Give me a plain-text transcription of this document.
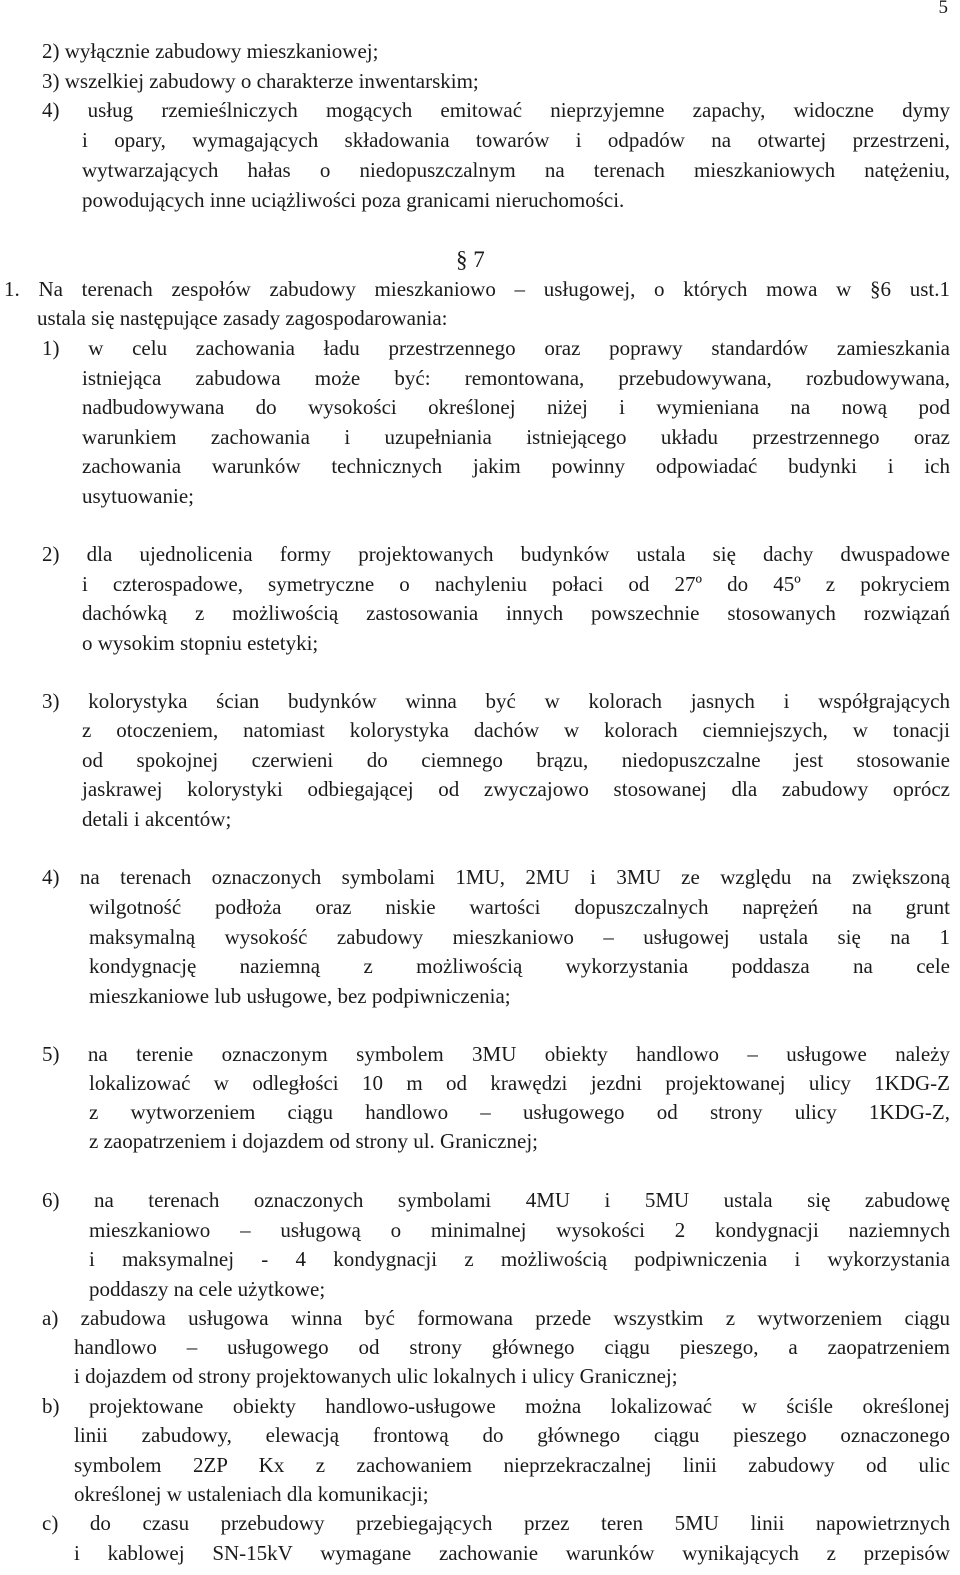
5
2) wyłącznie zabudowy mieszkaniowej;
3) wszelkiej zabudowy o charakterze inwentarskim;
4) usług rzemieślniczych mogących emitować nieprzyjemne zapachy, widoczne dymy
i opary, wymagających składowania towarów i odpadów na otwartej przestrzeni,
wytwarzających hałas o niedopuszczalnym na terenach mieszkaniowych natężeniu,
powodujących inne uciążliwości poza granicami nieruchomości.
1. Na terenach zespołów zabudowy mieszkaniowo – usługowej, o których mowa w §6 ust.1
ustala się następujące zasady zagospodarowania:
1) w celu zachowania ładu przestrzennego oraz poprawy standardów zamieszkania
istniejąca zabudowa może być: remontowana, przebudowywana, rozbudowywana,
nadbudowywana do wysokości określonej niżej i wymieniana na nową pod
warunkiem zachowania i uzupełniania istniejącego układu przestrzennego oraz
zachowania warunków technicznych jakim powinny odpowiadać budynki i ich
usytuowanie;
2) dla ujednolicenia formy projektowanych budynków ustala się dachy dwuspadowe
i czterospadowe, symetryczne o nachyleniu połaci od 27º do 45º z pokryciem
dachówką z możliwością zastosowania innych powszechnie stosowanych rozwiązań
o wysokim stopniu estetyki;
3) kolorystyka ścian budynków winna być w kolorach jasnych i współgrających
z otoczeniem, natomiast kolorystyka dachów w kolorach ciemniejszych, w tonacji
od spokojnej czerwieni do ciemnego brązu, niedopuszczalne jest stosowanie
jaskrawej kolorystyki odbiegającej od zwyczajowo stosowanej dla zabudowy oprócz
detali i akcentów;
4) na terenach oznaczonych symbolami 1MU, 2MU i 3MU ze względu na zwiększoną
wilgotność podłoża oraz niskie wartości dopuszczalnych naprężeń na grunt
maksymalną wysokość zabudowy mieszkaniowo – usługowej ustala się na 1
kondygnację naziemną z możliwością wykorzystania poddasza na cele
mieszkaniowe lub usługowe, bez podpiwniczenia;
5) na terenie oznaczonym symbolem 3MU obiekty handlowo – usługowe należy
lokalizować w odległości 10 m od krawędzi jezdni projektowanej ulicy 1KDG-Z
z wytworzeniem ciągu handlowo – usługowego od strony ulicy 1KDG-Z,
z zaopatrzeniem i dojazdem od strony ul. Granicznej;
6) na terenach oznaczonych symbolami 4MU i 5MU ustala się zabudowę
mieszkaniowo – usługową o minimalnej wysokości 2 kondygnacji naziemnych
i maksymalnej - 4 kondygnacji z możliwością podpiwniczenia i wykorzystania
poddaszy na cele użytkowe;
a) zabudowa usługowa winna być formowana przede wszystkim z wytworzeniem ciągu
handlowo – usługowego od strony głównego ciągu pieszego, a zaopatrzeniem
i dojazdem od strony projektowanych ulic lokalnych i ulicy Granicznej;
b) projektowane obiekty handlowo-usługowe można lokalizować w ściśle określonej
linii zabudowy, elewacją frontową do głównego ciągu pieszego oznaczonego
symbolem 2ZP Kx z zachowaniem nieprzekraczalnej linii zabudowy od ulic
określonej w ustaleniach dla komunikacji;
c) do czasu przebudowy przebiegających przez teren 5MU linii napowietrznych
i kablowej SN-15kV wymagane zachowanie warunków wynikających z przepisów
§ 7
